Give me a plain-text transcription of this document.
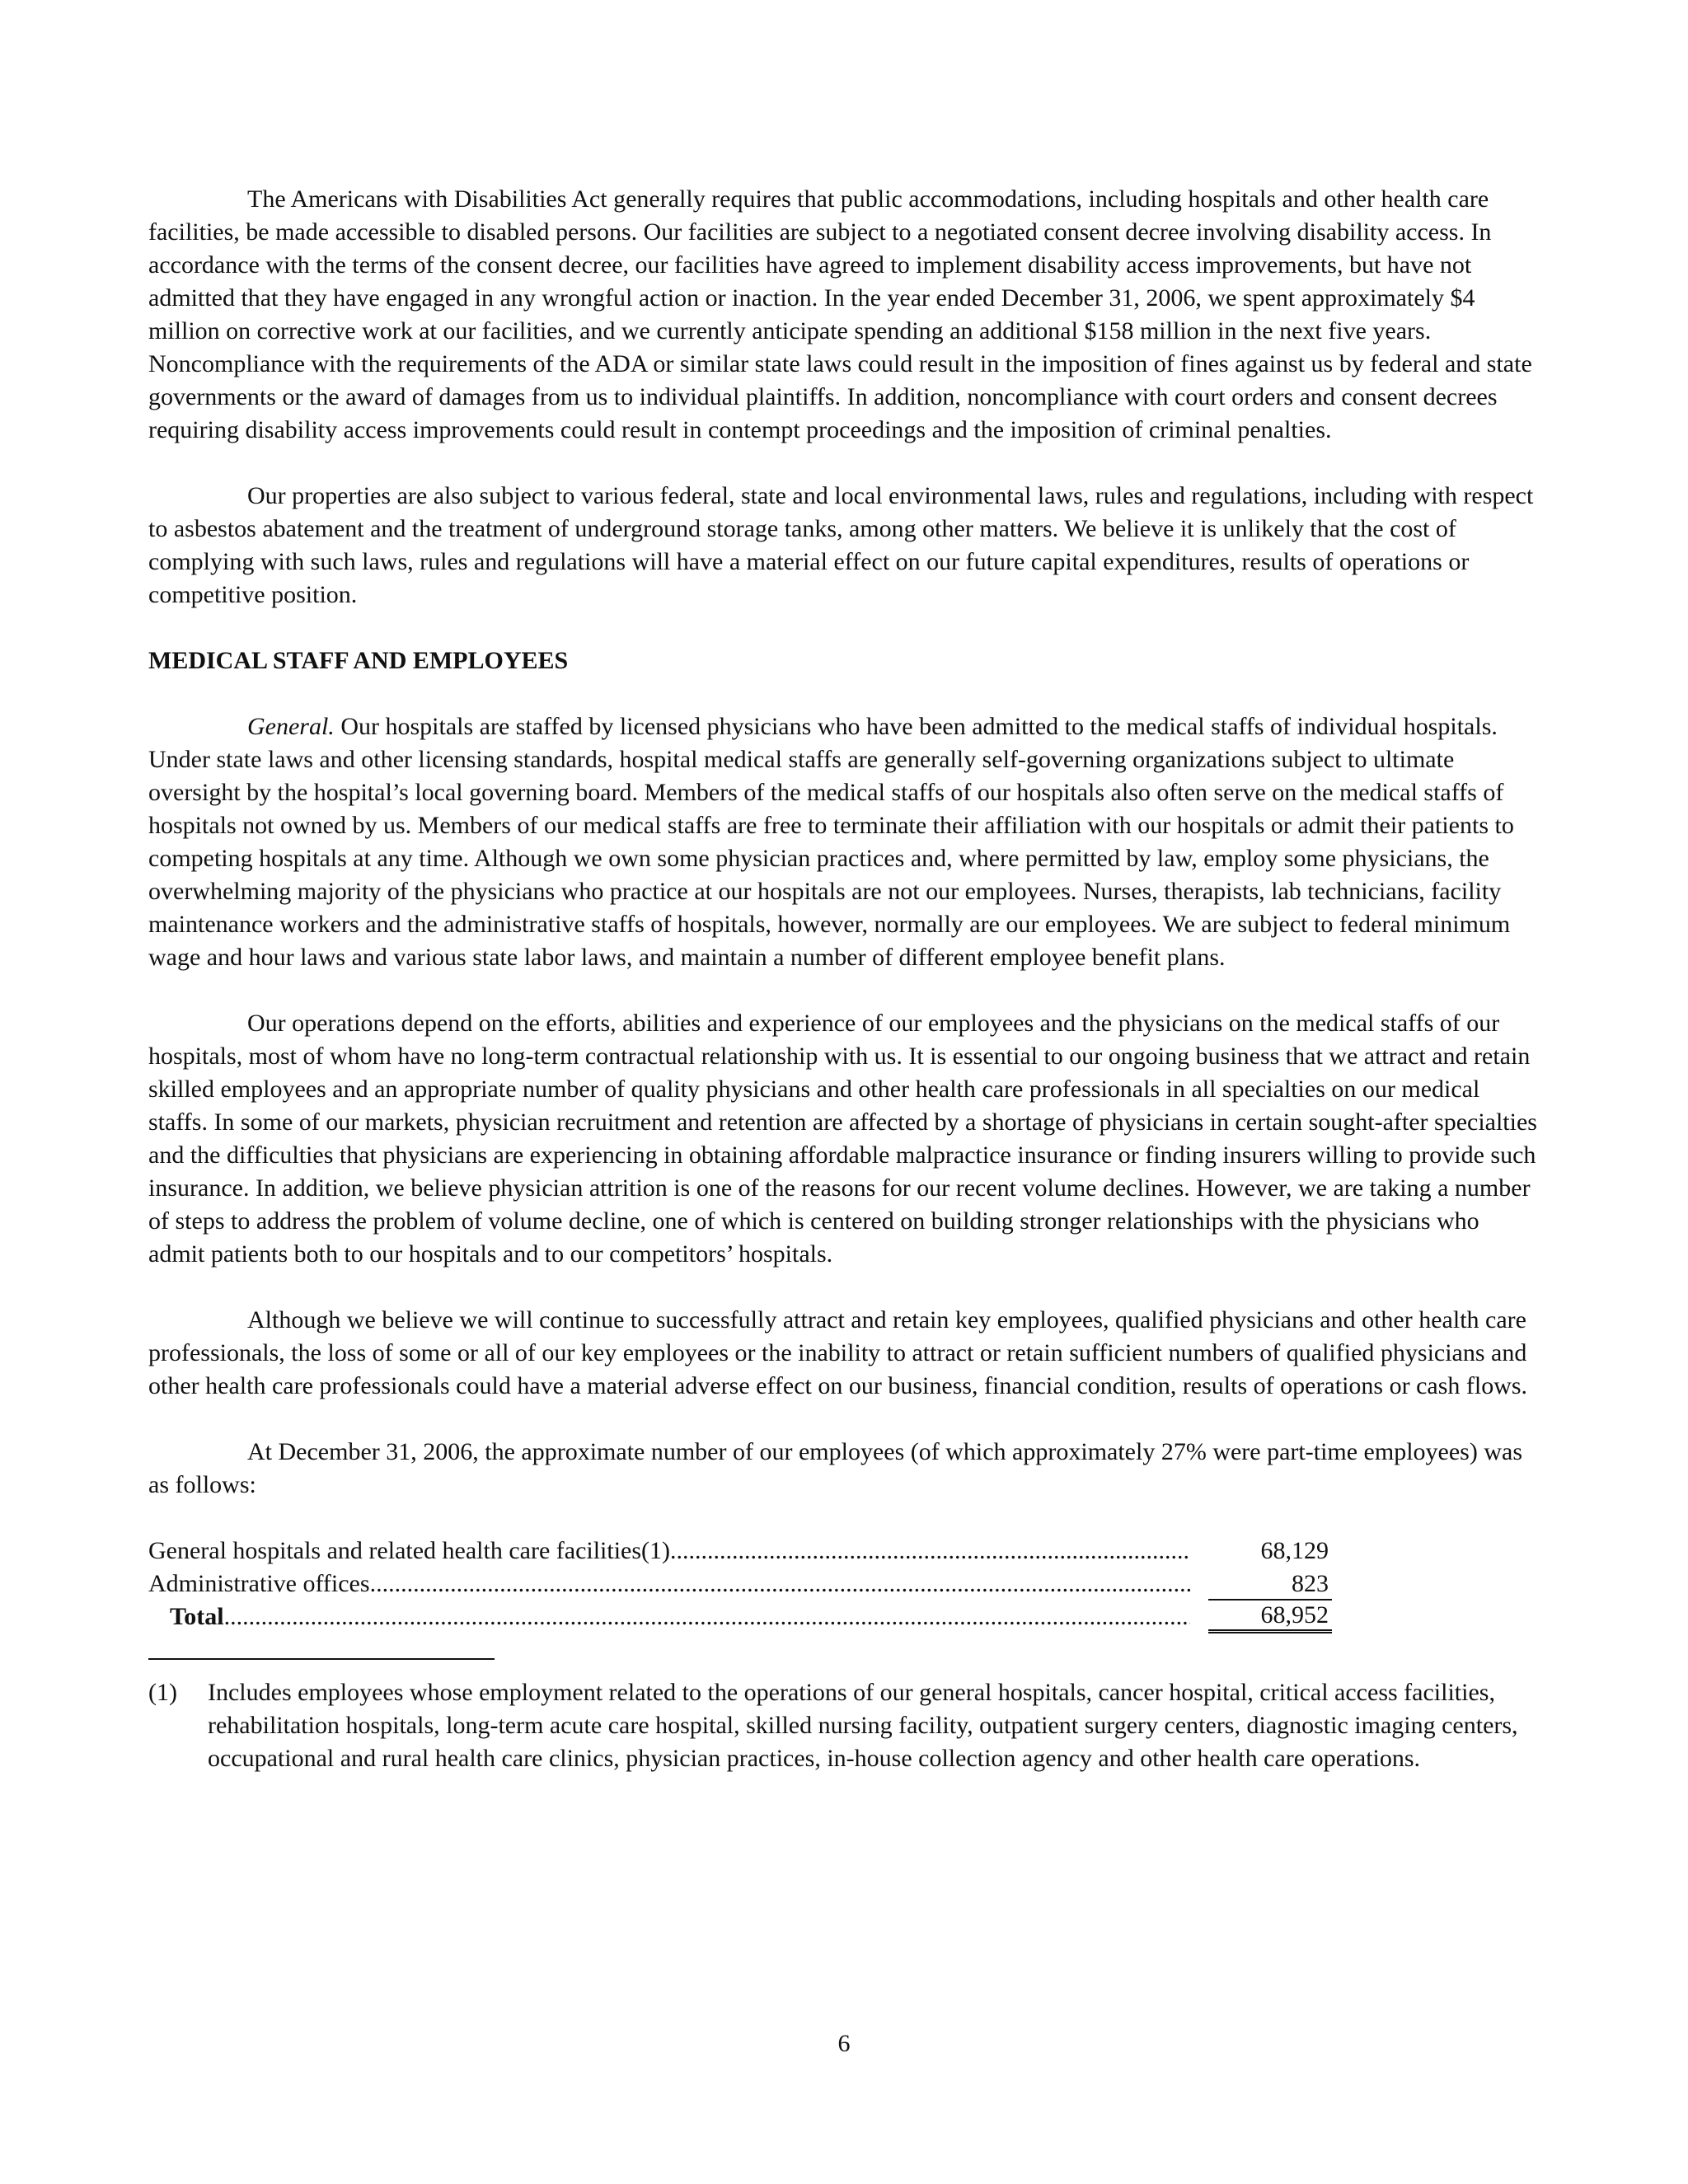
The Americans with Disabilities Act generally requires that public accommodations, including hospitals and other health care facilities, be made accessible to disabled persons. Our facilities are subject to a negotiated consent decree involving disability access. In accordance with the terms of the consent decree, our facilities have agreed to implement disability access improvements, but have not admitted that they have engaged in any wrongful action or inaction. In the year ended December 31, 2006, we spent approximately $4 million on corrective work at our facilities, and we currently anticipate spending an additional $158 million in the next five years. Noncompliance with the requirements of the ADA or similar state laws could result in the imposition of fines against us by federal and state governments or the award of damages from us to individual plaintiffs. In addition, noncompliance with court orders and consent decrees requiring disability access improvements could result in contempt proceedings and the imposition of criminal penalties.

Our properties are also subject to various federal, state and local environmental laws, rules and regulations, including with respect to asbestos abatement and the treatment of underground storage tanks, among other matters. We believe it is unlikely that the cost of complying with such laws, rules and regulations will have a material effect on our future capital expenditures, results of operations or competitive position.

MEDICAL STAFF AND EMPLOYEES

General. Our hospitals are staffed by licensed physicians who have been admitted to the medical staffs of individual hospitals. Under state laws and other licensing standards, hospital medical staffs are generally self-governing organizations subject to ultimate oversight by the hospital’s local governing board. Members of the medical staffs of our hospitals also often serve on the medical staffs of hospitals not owned by us. Members of our medical staffs are free to terminate their affiliation with our hospitals or admit their patients to competing hospitals at any time. Although we own some physician practices and, where permitted by law, employ some physicians, the overwhelming majority of the physicians who practice at our hospitals are not our employees. Nurses, therapists, lab technicians, facility maintenance workers and the administrative staffs of hospitals, however, normally are our employees. We are subject to federal minimum wage and hour laws and various state labor laws, and maintain a number of different employee benefit plans.

Our operations depend on the efforts, abilities and experience of our employees and the physicians on the medical staffs of our hospitals, most of whom have no long-term contractual relationship with us. It is essential to our ongoing business that we attract and retain skilled employees and an appropriate number of quality physicians and other health care professionals in all specialties on our medical staffs. In some of our markets, physician recruitment and retention are affected by a shortage of physicians in certain sought-after specialties and the difficulties that physicians are experiencing in obtaining affordable malpractice insurance or finding insurers willing to provide such insurance. In addition, we believe physician attrition is one of the reasons for our recent volume declines. However, we are taking a number of steps to address the problem of volume decline, one of which is centered on building stronger relationships with the physicians who admit patients both to our hospitals and to our competitors’ hospitals.

Although we believe we will continue to successfully attract and retain key employees, qualified physicians and other health care professionals, the loss of some or all of our key employees or the inability to attract or retain sufficient numbers of qualified physicians and other health care professionals could have a material adverse effect on our business, financial condition, results of operations or cash flows.

At December 31, 2006, the approximate number of our employees (of which approximately 27% were part-time employees) was as follows:

General hospitals and related health care facilities(1) .....	68,129
Administrative offices .....	823
Total .....	68,952
(1)	Includes employees whose employment related to the operations of our general hospitals, cancer hospital, critical access facilities, rehabilitation hospitals, long-term acute care hospital, skilled nursing facility, outpatient surgery centers, diagnostic imaging centers, occupational and rural health care clinics, physician practices, in-house collection agency and other health care operations.
6
